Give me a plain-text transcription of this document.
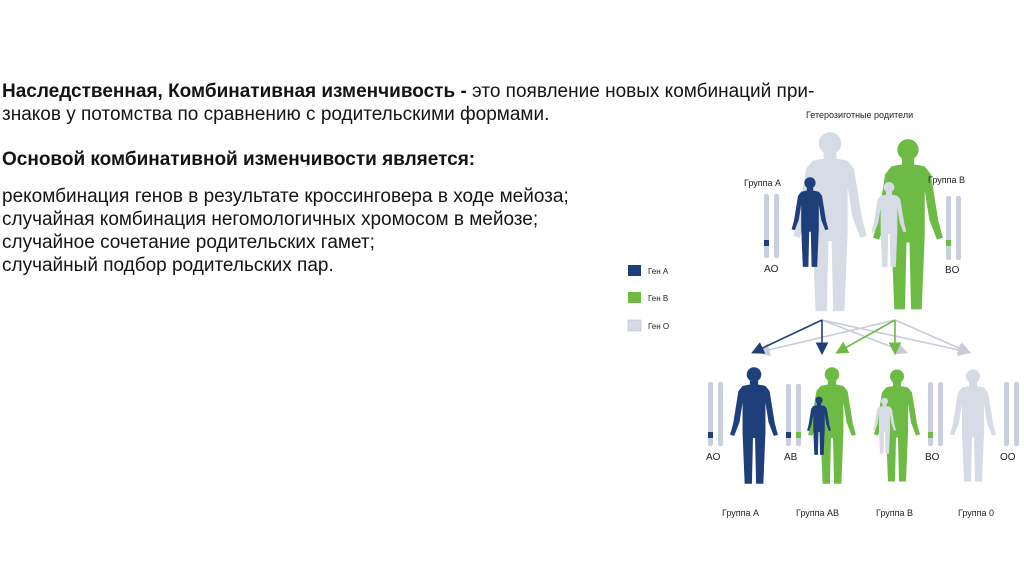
Наследственная, Комбинативная изменчивость - это появление новых комбинаций при-
знаков у потомства по сравнению с родительскими формами.
Основой комбинативной изменчивости является:
рекомбинация генов в результате кроссинговера в ходе мейоза;
случайная комбинация негомологичных хромосом в мейозе;
случайное сочетание родительских гамет;
случайный подбор родительских пар.
Гетерозиготные родители
AO
Группа A
BO
Группа B
Ген A
Ген B
Ген O
AO	AB	BO	OO
Группа A	Группа AB	Группа B	Группа 0
